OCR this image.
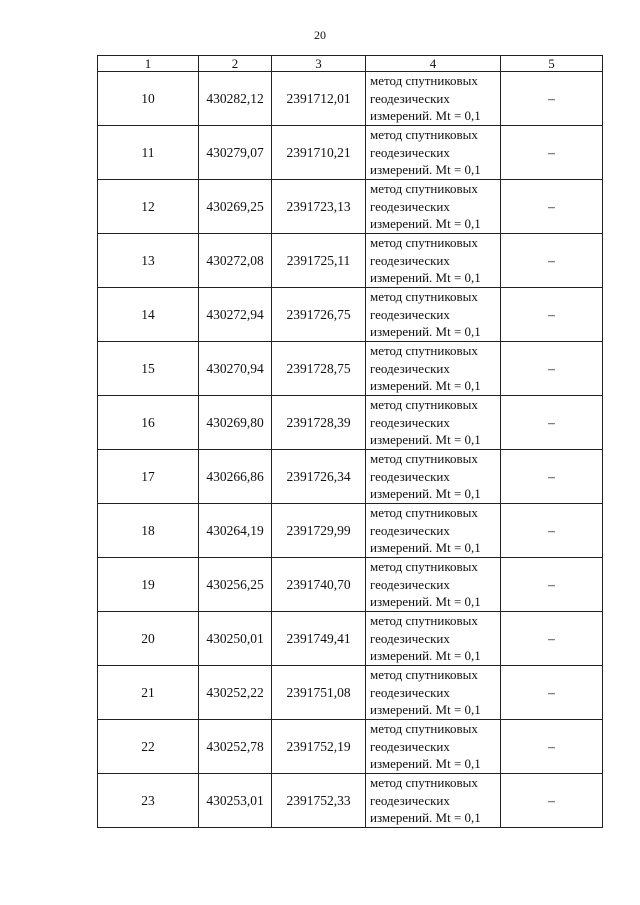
20
1	2	3	4	5
10	430282,12	2391712,01	метод спутниковых
геодезических
измерений. Mt = 0,1	–
11	430279,07	2391710,21	метод спутниковых
геодезических
измерений. Mt = 0,1	–
12	430269,25	2391723,13	метод спутниковых
геодезических
измерений. Mt = 0,1	–
13	430272,08	2391725,11	метод спутниковых
геодезических
измерений. Mt = 0,1	–
14	430272,94	2391726,75	метод спутниковых
геодезических
измерений. Mt = 0,1	–
15	430270,94	2391728,75	метод спутниковых
геодезических
измерений. Mt = 0,1	–
16	430269,80	2391728,39	метод спутниковых
геодезических
измерений. Mt = 0,1	–
17	430266,86	2391726,34	метод спутниковых
геодезических
измерений. Mt = 0,1	–
18	430264,19	2391729,99	метод спутниковых
геодезических
измерений. Mt = 0,1	–
19	430256,25	2391740,70	метод спутниковых
геодезических
измерений. Mt = 0,1	–
20	430250,01	2391749,41	метод спутниковых
геодезических
измерений. Mt = 0,1	–
21	430252,22	2391751,08	метод спутниковых
геодезических
измерений. Mt = 0,1	–
22	430252,78	2391752,19	метод спутниковых
геодезических
измерений. Mt = 0,1	–
23	430253,01	2391752,33	метод спутниковых
геодезических
измерений. Mt = 0,1	–
